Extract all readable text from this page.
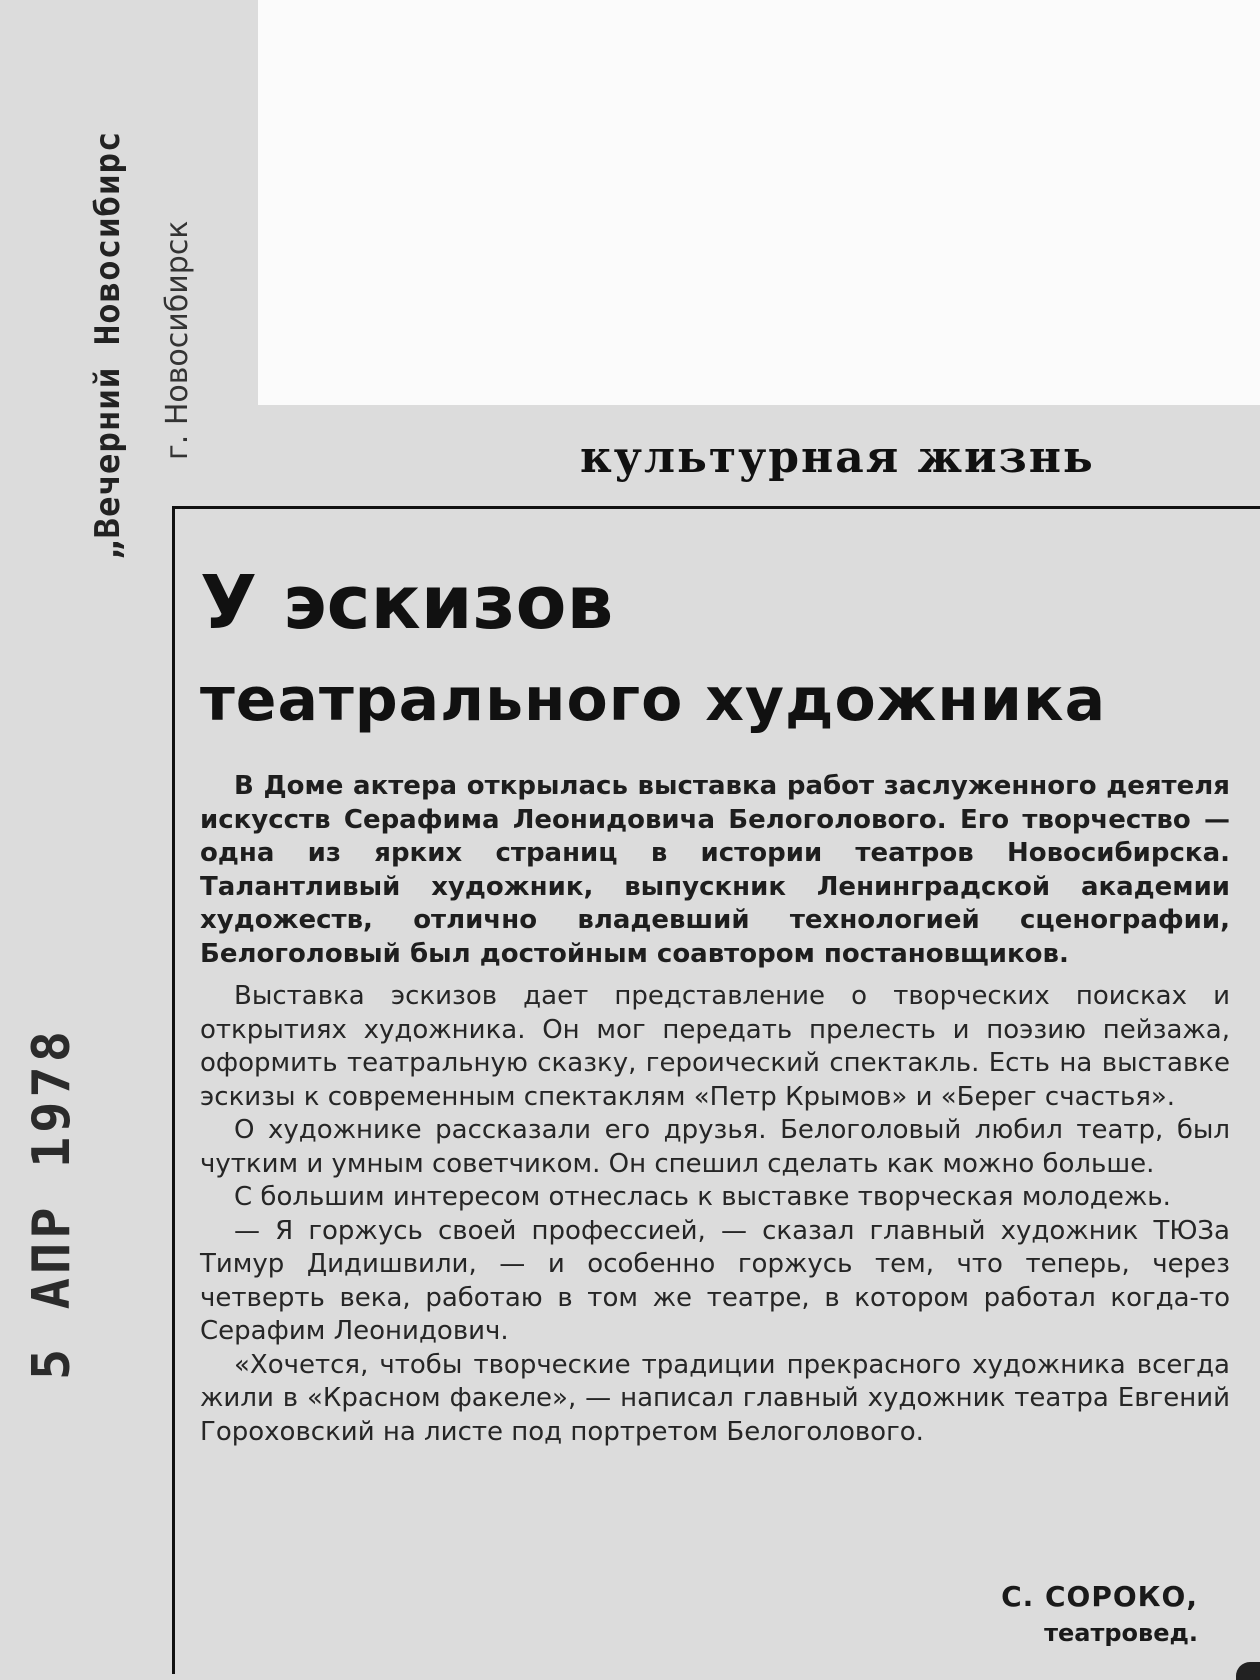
„Вечерний Новосибирс г. Новосибирск
5 АПР 1978
культурная жизнь
У эскизов
театрального художника

В Доме актера открылась выставка работ заслуженного деятеля искусств Серафима Леонидовича Белоголового. Его творчество — одна из ярких страниц в истории театров Новосибирска. Талантливый художник, выпускник Ленинградской академии художеств, отлично владевший технологией сценографии, Белоголовый был достойным соавтором постановщиков.

Выставка эскизов дает представление о творческих поисках и открытиях художника. Он мог передать прелесть и поэзию пейзажа, оформить театральную сказку, героический спектакль. Есть на выставке эскизы к современным спектаклям «Петр Крымов» и «Берег счастья».

О художнике рассказали его друзья. Белоголовый любил театр, был чутким и умным советчиком. Он спешил сделать как можно больше.

С большим интересом отнеслась к выставке творческая молодежь.

— Я горжусь своей профессией, — сказал главный художник ТЮЗа Тимур Дидишвили, — и особенно горжусь тем, что теперь, через четверть века, работаю в том же театре, в котором работал когда-то Серафим Леонидович.

«Хочется, чтобы творческие традиции прекрасного художника всегда жили в «Красном факеле», — написал главный художник театра Евгений Гороховский на листе под портретом Белоголового.

С. СОРОКО,
театровед.
